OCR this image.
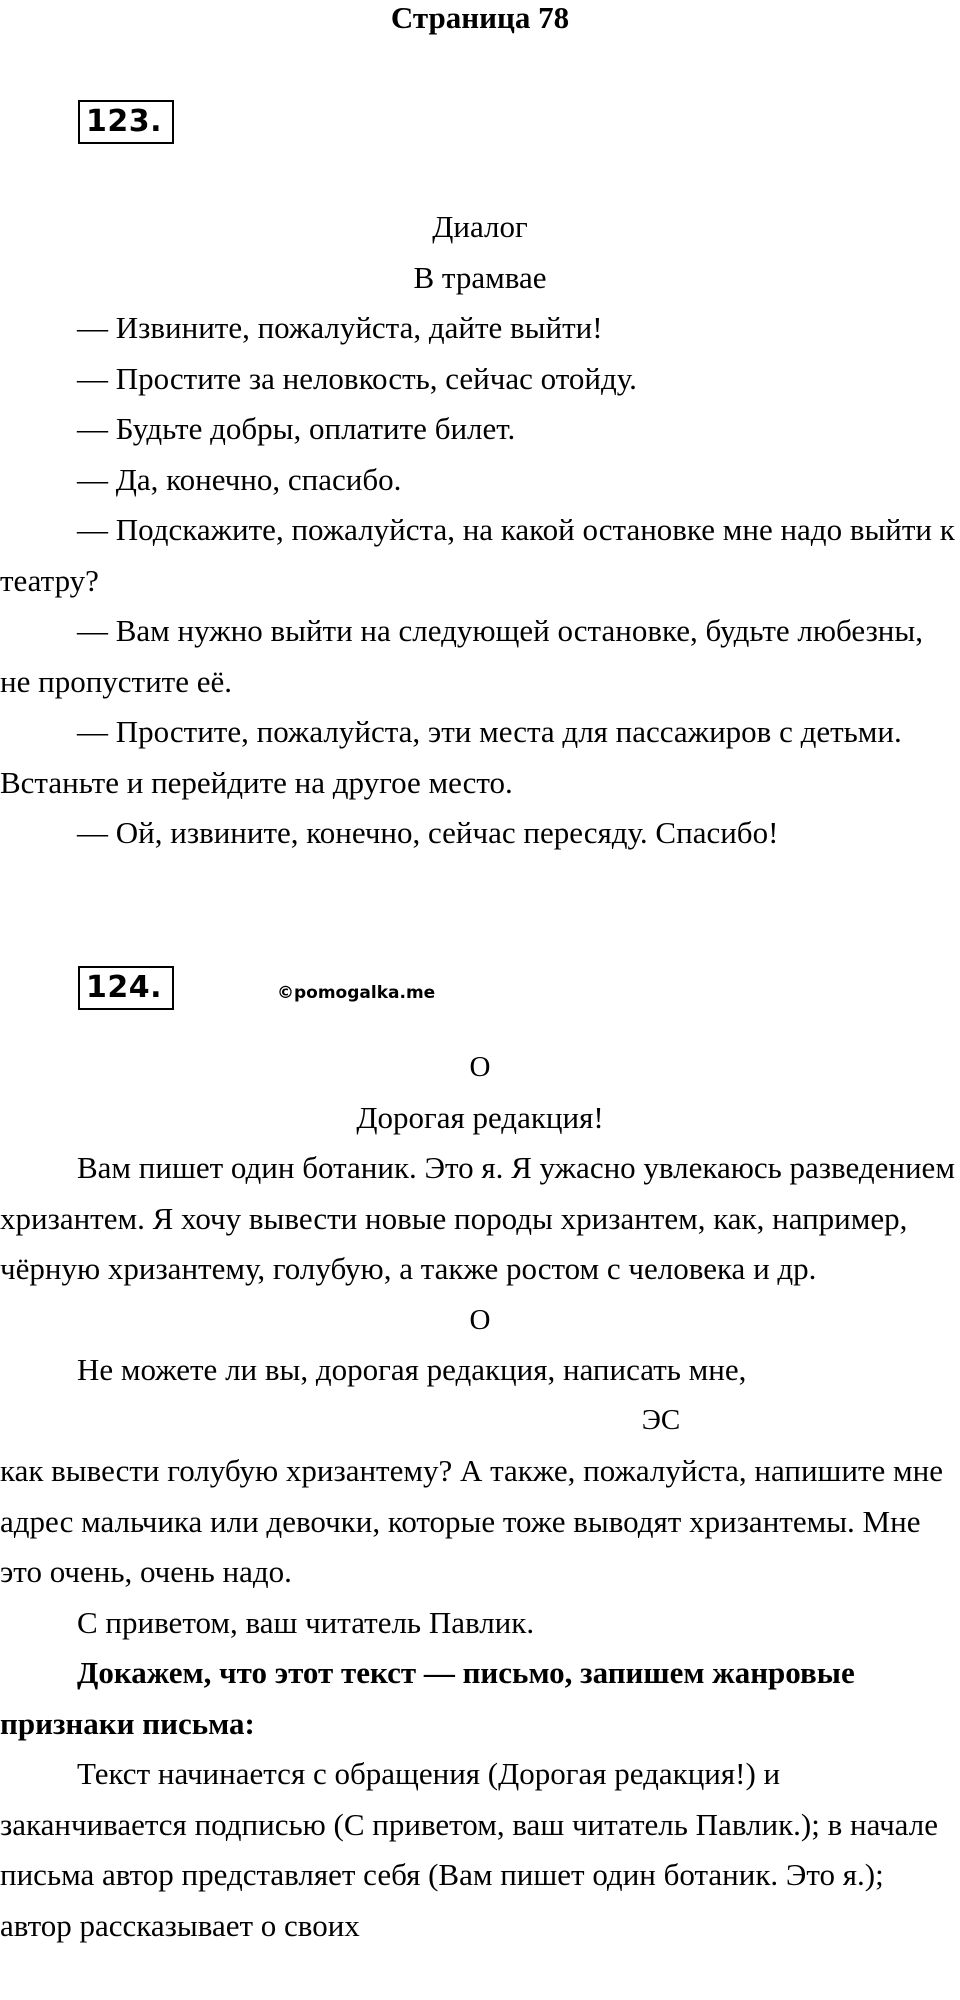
Страница 78
123.

Диалог

В трамвае

— Извините, пожалуйста, дайте выйти!

— Простите за неловкость, сейчас отойду.

— Будьте добры, оплатите билет.

— Да, конечно, спасибо.

— Подскажите, пожалуйста, на какой остановке мне надо выйти к театру?

— Вам нужно выйти на следующей остановке, будьте любезны, не пропустите её.

— Простите, пожалуйста, эти места для пассажиров с детьми. Встаньте и перейдите на другое место.

— Ой, извините, конечно, сейчас пересяду. Спасибо!

124.	©pomogalka.me

О

Дорогая редакция!

Вам пишет один ботаник. Это я. Я ужасно увлекаюсь разведением хризантем. Я хочу вывести новые породы хризантем, как, например, чёрную хризантему, голубую, а также ростом с человека и др.

О

Не можете ли вы, дорогая редакция, написать мне,

как вывести голубую хризантему? А также, пожалуйста
ЭС
, напишите мне адрес мальчика или девочки, которые тоже выводят хризантемы. Мне это очень, очень надо.

С приветом, ваш читатель Павлик.

Докажем, что этот текст — письмо, запишем жанровые признаки письма:

Текст начинается с обращения (Дорогая редакция!) и заканчивается подписью (С приветом, ваш читатель Павлик.); в начале письма автор представляет себя (Вам пишет один ботаник. Это я.); автор рассказывает о своих
